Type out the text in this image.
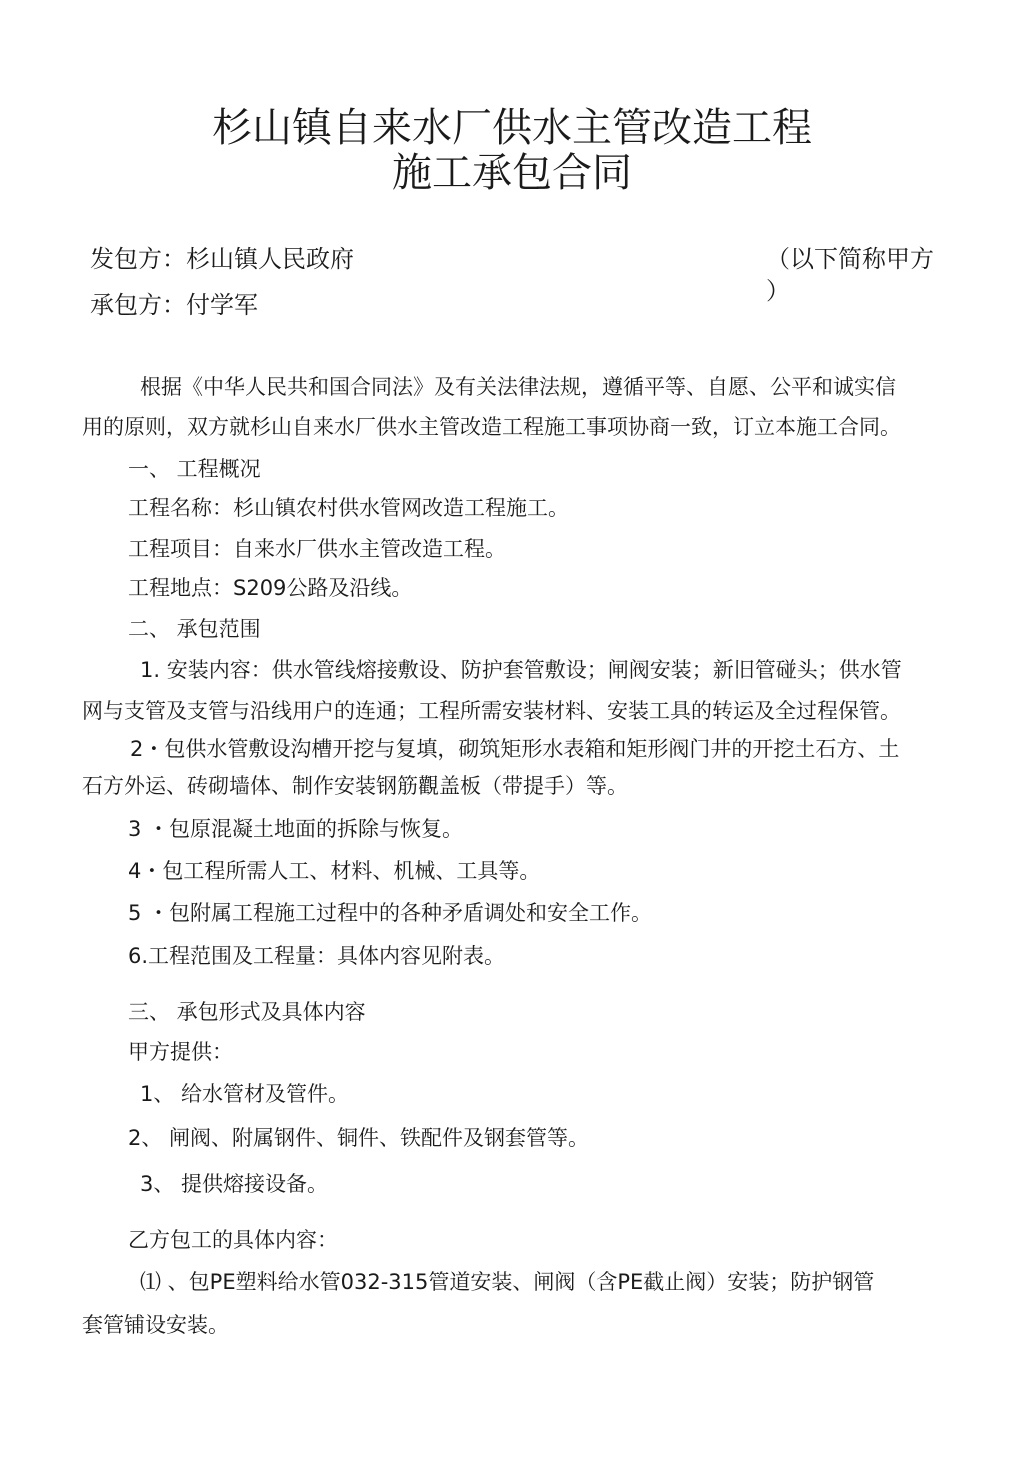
杉山镇自来水厂供水主管改造工程
施工承包合同
发包方：杉山镇人民政府	（以下简称甲方
）
承包方：付学军
根据《中华人民共和国合同法》及有关法律法规，遵循平等、自愿、公平和诚实信
用的原则，双方就杉山自来水厂供水主管改造工程施工事项协商一致，订立本施工合同。
一、 工程概况
工程名称：杉山镇农村供水管网改造工程施工。
工程项目：自来水厂供水主管改造工程。
工程地点：S209公路及沿线。
二、 承包范围
1. 安装内容：供水管线熔接敷设、防护套管敷设；闸阀安装；新旧管碰头；供水管
网与支管及支管与沿线用户的连通；工程所需安装材料、安装工具的转运及全过程保管。
2・包供水管敷设沟槽开挖与复填，砌筑矩形水表箱和矩形阀门井的开挖土石方、土
石方外运、砖砌墙体、制作安装钢筋觀盖板（带提手）等。
3 ・包原混凝土地面的拆除与恢复。
4・包工程所需人工、材料、机械、工具等。
5 ・包附属工程施工过程中的各种矛盾调处和安全工作。
6.工程范围及工程量：具体内容见附表。
三、 承包形式及具体内容
甲方提供：
1、 给水管材及管件。
2、 闸阀、附属钢件、铜件、铁配件及钢套管等。
3、 提供熔接设备。
乙方包工的具体内容：
⑴ 、包PE塑料给水管032-315管道安装、闸阀（含PE截止阀）安装；防护钢管
套管铺设安装。
